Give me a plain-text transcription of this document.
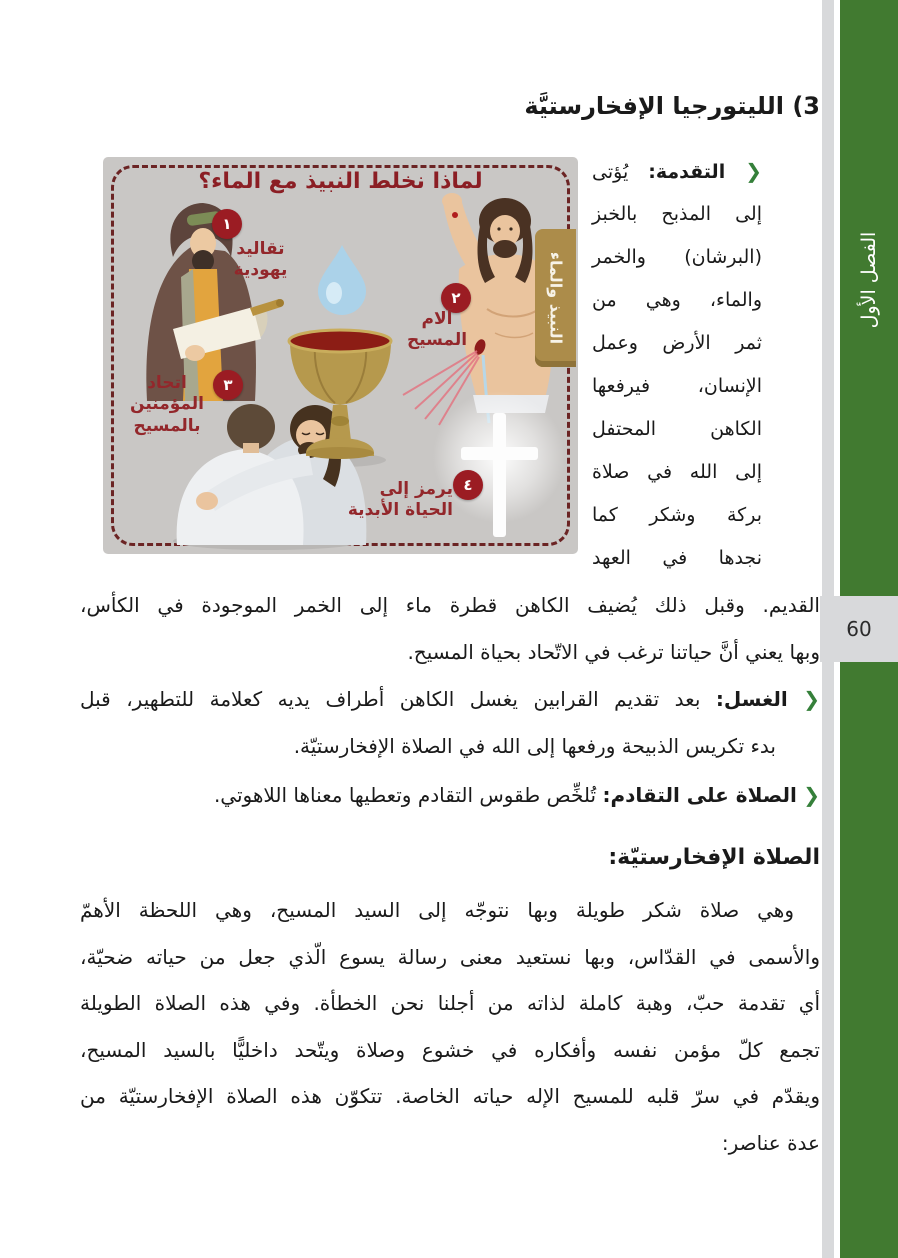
الفصل الأول
60
3) الليتورجيا الإفخارستيَّة
لماذا نخلط النبيذ مع الماء؟
النبيذ والماء
١
تقاليد
يهودية
٢
آلام
المسيح
٣
اتحاد المؤمنين
بالمسيح
٤
يرمز إلى
الحياة الأبدية
❮ التقدمة: يُؤتى
إلى المذبح بالخبز
(البرشان) والخمر
والماء، وهي من
ثمر الأرض وعمل
الإنسان، فيرفعها
الكاهن المحتفل
إلى الله في صلاة
بركة وشكر كما
نجدها في العهد
القديم. وقبل ذلك يُضيف الكاهن قطرة ماء إلى الخمر الموجودة في الكأس،
وبها يعني أنَّ حياتنا ترغب في الاتّحاد بحياة المسيح.
❮ الغسل: بعد تقديم القرابين يغسل الكاهن أطراف يديه كعلامة للتطهير، قبل
بدء تكريس الذبيحة ورفعها إلى الله في الصلاة الإفخارستيّة.
❮ الصلاة على التقادم: تُلخِّص طقوس التقادم وتعطيها معناها اللاهوتي.
الصلاة الإفخارستيّة:
وهي صلاة شكر طويلة وبها نتوجّه إلى السيد المسيح، وهي اللحظة الأهمّ
والأسمى في القدّاس، وبها نستعيد معنى رسالة يسوع الّذي جعل من حياته ضحيّة،
أي تقدمة حبّ، وهبة كاملة لذاته من أجلنا نحن الخطأة. وفي هذه الصلاة الطويلة
تجمع كلّ مؤمن نفسه وأفكاره في خشوع وصلاة ويتّحد داخليًّا بالسيد المسيح،
ويقدّم في سرّ قلبه للمسيح الإله حياته الخاصة. تتكوّن هذه الصلاة الإفخارستيّة من
عدة عناصر:
